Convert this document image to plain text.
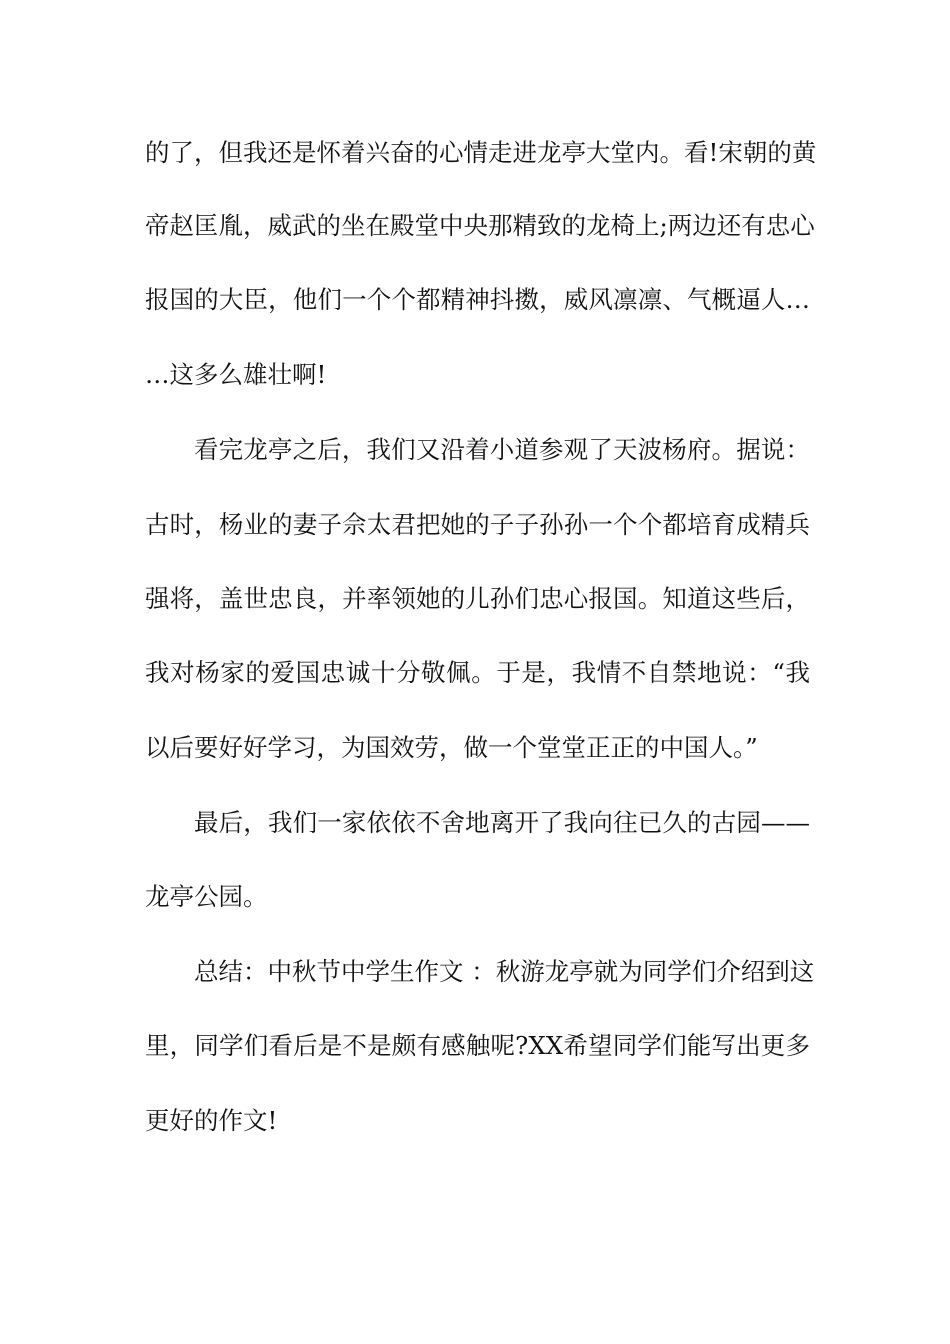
的了，但我还是怀着兴奋的心情走进龙亭大堂内。看!宋朝的黄
帝赵匡胤，威武的坐在殿堂中央那精致的龙椅上;两边还有忠心
报国的大臣，他们一个个都精神抖擞，威风凛凛、气概逼人…
…这多么雄壮啊!
看完龙亭之后，我们又沿着小道参观了天波杨府。据说：
古时，杨业的妻子佘太君把她的子子孙孙一个个都培育成精兵
强将，盖世忠良，并率领她的儿孙们忠心报国。知道这些后，
我对杨家的爱国忠诚十分敬佩。于是，我情不自禁地说：“我
以后要好好学习，为国效劳，做一个堂堂正正的中国人。”
最后，我们一家依依不舍地离开了我向往已久的古园——
龙亭公园。
总结：中秋节中学生作文 ：秋游龙亭就为同学们介绍到这
里，同学们看后是不是颇有感触呢?XX希望同学们能写出更多
更好的作文!
